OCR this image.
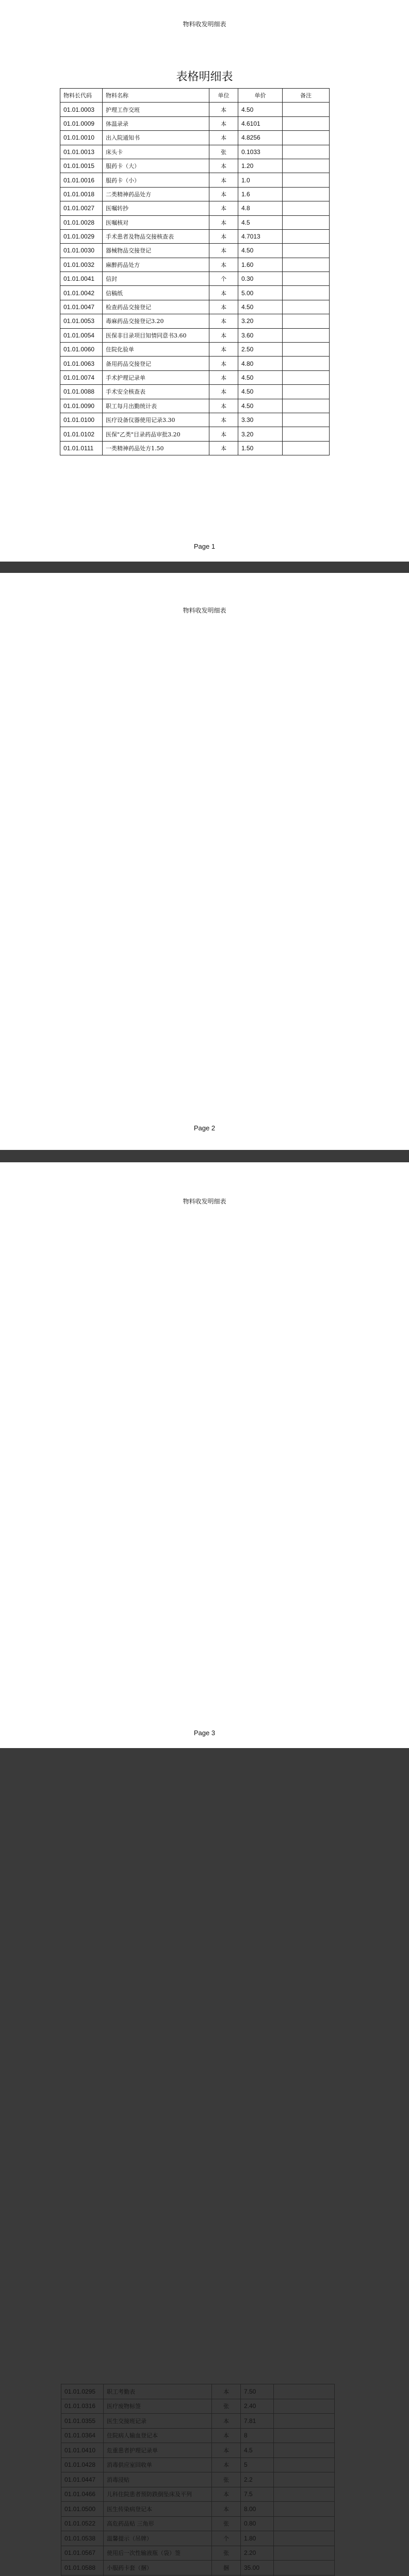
物料收发明细表
表格明细表
物料长代码	物料名称	单位	单价	备注
01.01.0003	护理工作交班	本	4.50	
01.01.0009	体温录录	本	4.6101	
01.01.0010	出入院通知书	本	4.8256	
01.01.0013	床头卡	张	0.1033	
01.01.0015	服药卡（大）	本	1.20	
01.01.0016	服药卡（小）	本	1.0	
01.01.0018	二类精神药品处方	本	1.6	
01.01.0027	医嘱转抄	本	4.8	
01.01.0028	医嘱核对	本	4.5	
01.01.0029	手术患者及物品交接核查表	本	4.7013	
01.01.0030	器械物品交接登记	本	4.50	
01.01.0032	麻醉药品处方	本	1.60	
01.01.0041	信封	个	0.30	
01.01.0042	信稿纸	本	5.00	
01.01.0047	检查药品交接登记	本	4.50	
01.01.0053	毒麻药品交接登记3.20	本	3.20	
01.01.0054	医保非目录项目知情同意书3.60	本	3.60	
01.01.0060	住院化验单	本	2.50	
01.01.0063	备用药品交接登记	本	4.80	
01.01.0074	手术护理记录单	本	4.50	
01.01.0088	手术安全核查表	本	4.50	
01.01.0090	职工每月出勤统计表	本	4.50	
01.01.0100	医疗设备仪器使用记录3.30	本	3.30	
01.01.0102	医保"乙类"目录药品审批3.20	本	3.20	
01.01.0111	一类精神药品处方1.50	本	1.50	
Page 1
物料收发明细表

Page 2
物料收发明细表
01.01.0295	职工考勤表	本	7.50	
01.01.0316	医疗废物标签	张	2.40	
01.01.0355	医生交接班记录	本	7.81	
01.01.0364	住院病人输血登记本	本	8	
01.01.0410	危重患者护理记录单	本	4.5	
01.01.0428	消毒供应室回收单	本	5	
01.01.0447	消毒浸贴	张	2.2	
01.01.0466	儿科住院患者预防跌倒坠床及平列	本	7.5	
01.01.0500	医生传染病登记本	本	8.00	
01.01.0522	高危药品贴 三角形	张	0.80	
01.01.0538	温馨提示（吊牌）	个	1.80	
01.01.0567	使用后一次性输液瓶（袋）签	张	2.20	
01.01.0588	小服药卡套（捆）	捆	35.00	

Page 3
